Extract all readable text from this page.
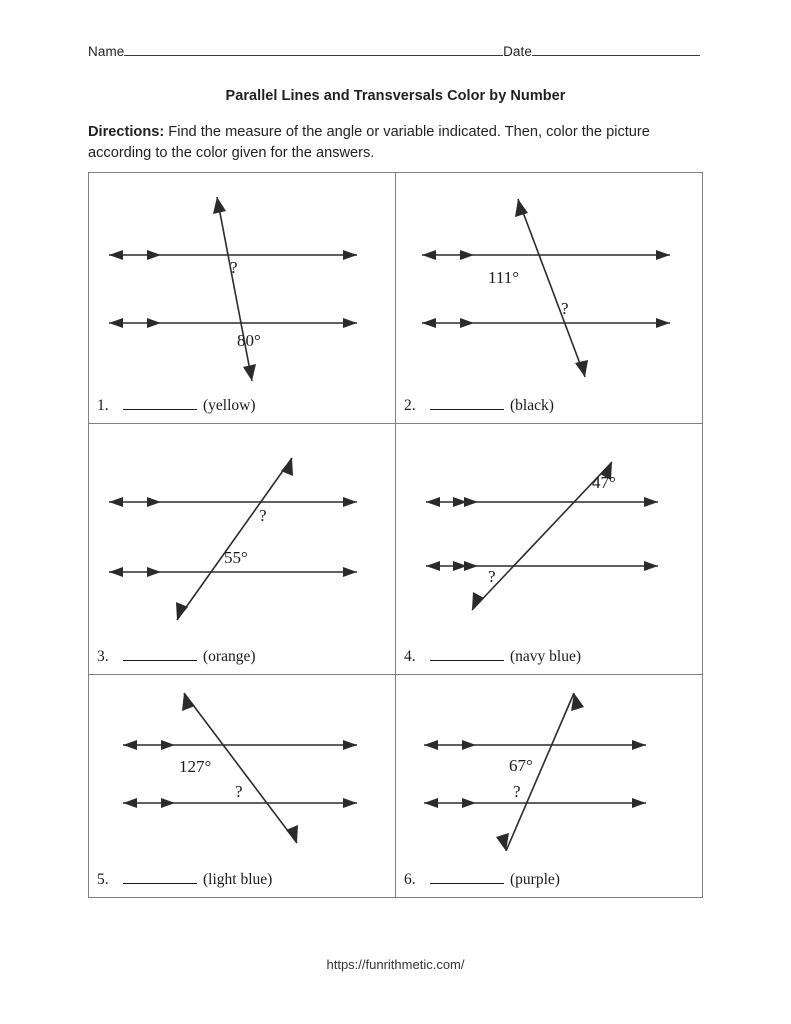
Name	Date
Parallel Lines and Transversals Color by Number
Directions: Find the measure of the angle or variable indicated. Then, color the picture according to the color given for the answers.
?
80°
1. (yellow)	111°
?
2. (black)

?
55°
3. (orange)	47°
?
4. (navy blue)

127°
?
5. (light blue)	67°
?
6. (purple)
https://funrithmetic.com/
